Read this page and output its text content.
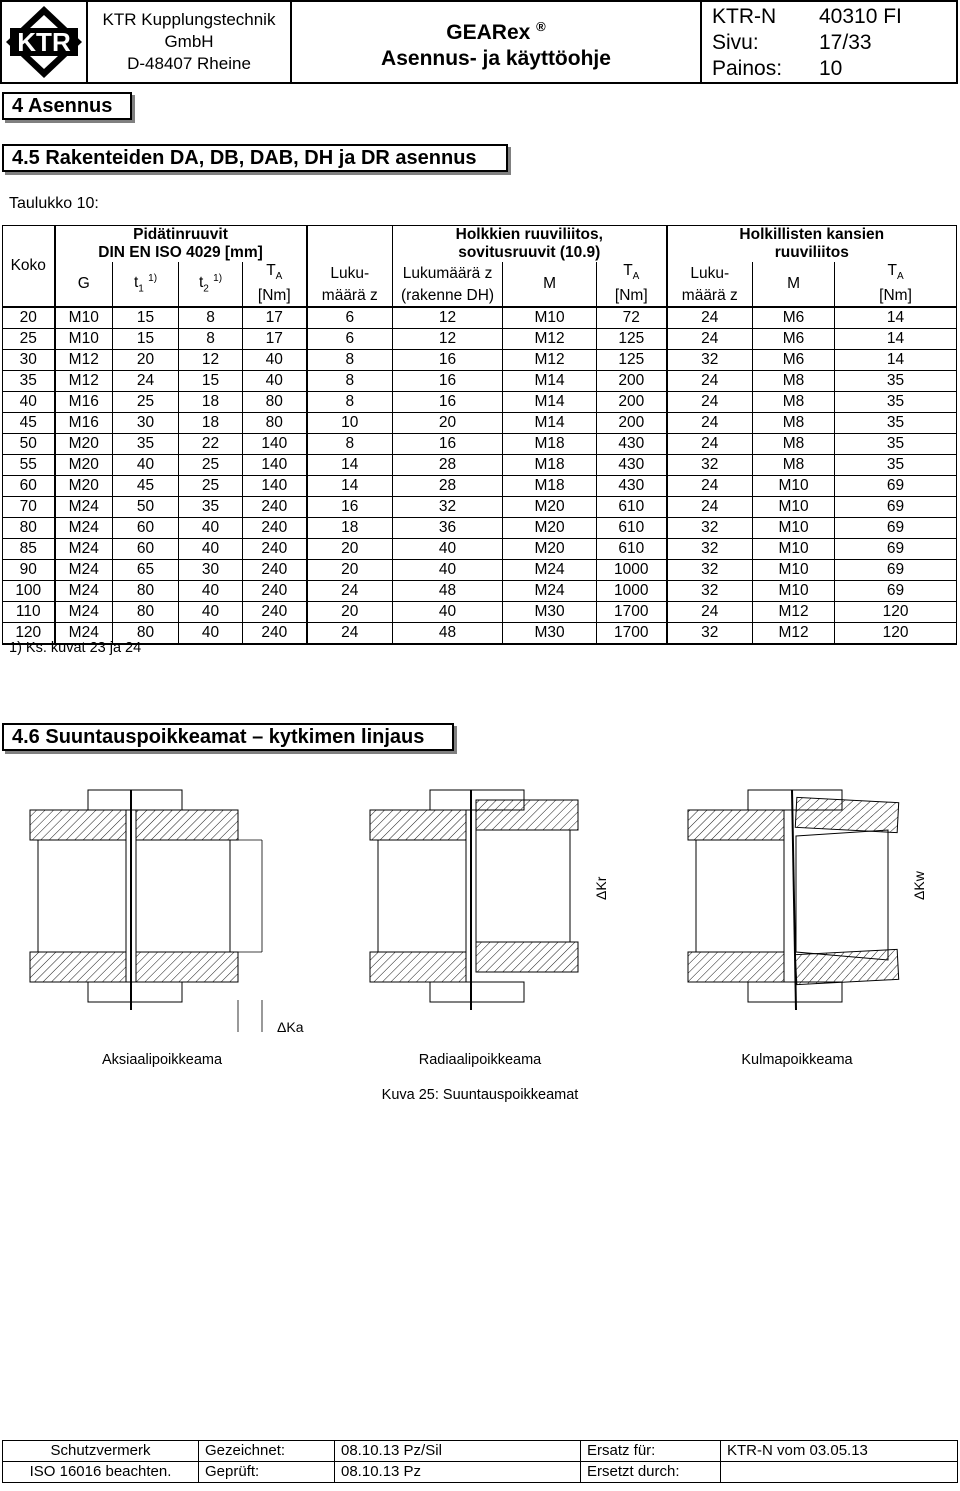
KTR
KTR Kupplungstechnik
GmbH
D-48407 Rheine
GEARex ®
Asennus- ja käyttöohje
KTR-N 40310 FI
Sivu:	17/33
Painos: 10
4 Asennus
4.5 Rakenteiden DA, DB, DAB, DH ja DR asennus
Taulukko 10:
Koko	Pidätinruuvit
DIN EN ISO 4029 [mm]					Holkkien ruuviliitos,
sovitusruuvit (10.9)			Holkillisten kansien
ruuviliitos		
	G	$t_1$ $^{1)}$	$t_2$ $^{1)}$	$T_A$	Luku-	Lukumäärä z	M	$T_A$	Luku-	M	$T_A$
				[Nm]	määrä z	(rakenne DH)		[Nm]	määrä z		[Nm]
20	M10	15	8	17	6	12	M10	72	24	M6	14
25	M10	15	8	17	6	12	M12	125	24	M6	14
30	M12	20	12	40	8	16	M12	125	32	M6	14
35	M12	24	15	40	8	16	M14	200	24	M8	35
40	M16	25	18	80	8	16	M14	200	24	M8	35
45	M16	30	18	80	10	20	M14	200	24	M8	35
50	M20	35	22	140	8	16	M18	430	24	M8	35
55	M20	40	25	140	14	28	M18	430	32	M8	35
60	M20	45	25	140	14	28	M18	430	24	M10	69
70	M24	50	35	240	16	32	M20	610	24	M10	69
80	M24	60	40	240	18	36	M20	610	32	M10	69
85	M24	60	40	240	20	40	M20	610	32	M10	69
90	M24	65	30	240	20	40	M24	1000	32	M10	69
100	M24	80	40	240	24	48	M24	1000	32	M10	69
110	M24	80	40	240	20	40	M30	1700	24	M12	120
120	M24	80	40	240	24	48	M30	1700	32	M12	120
1) Ks. kuvat 23 ja 24
4.6 Suuntauspoikkeamat – kytkimen linjaus
ΔKa
ΔKr	ΔKw
Aksiaalipoikkeama	Radiaalipoikkeama	Kulmapoikkeama
Kuva 25: Suuntauspoikkeamat
Schutzvermerk	Gezeichnet:	08.10.13 Pz/Sil	Ersatz für:	KTR-N vom 03.05.13
ISO 16016 beachten.	Geprüft:	08.10.13 Pz	Ersetzt durch:	
